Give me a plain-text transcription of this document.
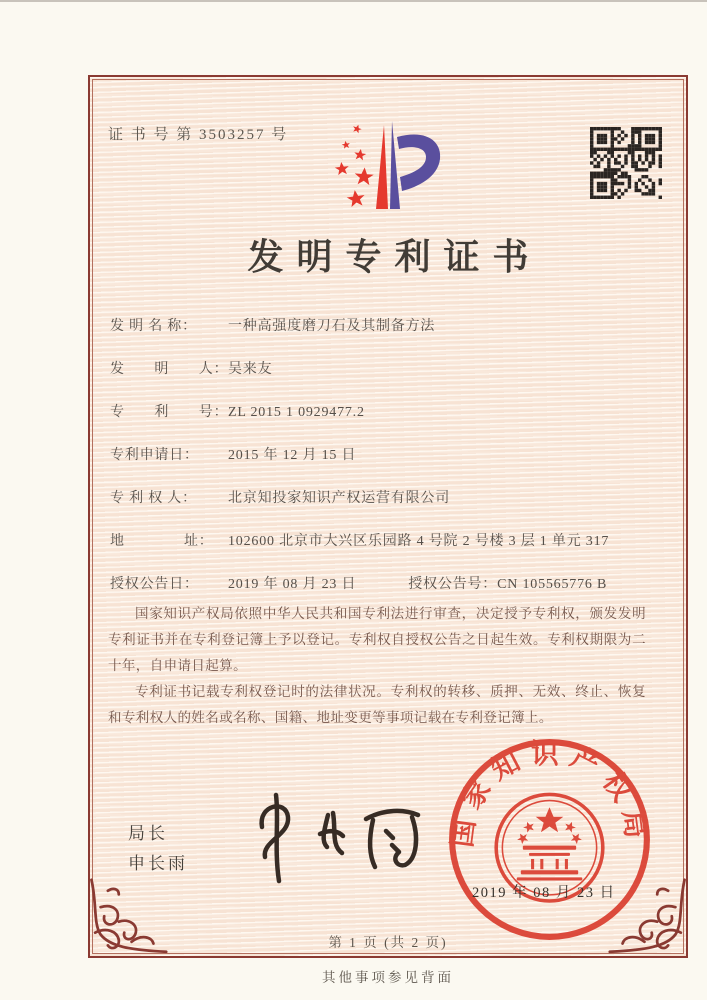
证 书 号 第 3503257 号
发明专利证书
发 明 名 称： 一种高强度磨刀石及其制备方法
发　　明　　人：吴来友
专　　利　　号：ZL 2015 1 0929477.2
专利申请日： 2015 年 12 月 15 日
专 利 权 人： 北京知投家知识产权运营有限公司
地　　　　址： 102600 北京市大兴区乐园路 4 号院 2 号楼 3 层 1 单元 317
授权公告日： 2019 年 08 月 23 日	授权公告号：CN 105565776 B

国家知识产权局依照中华人民共和国专利法进行审查，决定授予专利权，颁发发明专利证书并在专利登记簿上予以登记。专利权自授权公告之日起生效。专利权期限为二十年，自申请日起算。

专利证书记载专利权登记时的法律状况。专利权的转移、质押、无效、终止、恢复和专利权人的姓名或名称、国籍、地址变更等事项记载在专利登记簿上。

局长
申长雨
国家知识产权局
2019 年 08 月 23 日
第 1 页 (共 2 页)
其他事项参见背面
